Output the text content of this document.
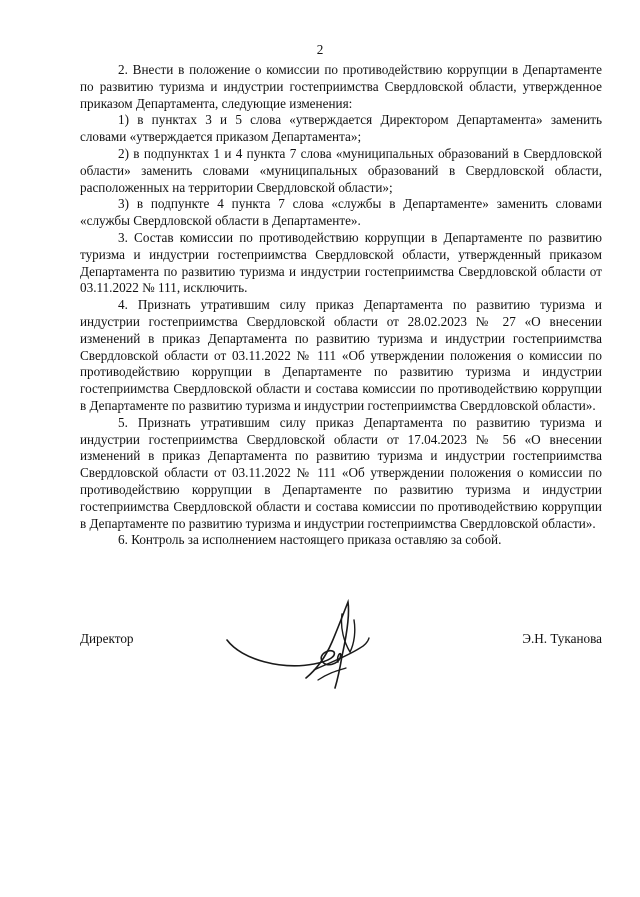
2

2. Внести в положение о комиссии по противодействию коррупции в Департаменте по развитию туризма и индустрии гостеприимства Свердловской области, утвержденное приказом Департамента, следующие изменения:

1) в пунктах 3 и 5 слова «утверждается Директором Департамента» заменить словами «утверждается приказом Департамента»;

2) в подпунктах 1 и 4 пункта 7 слова «муниципальных образований в Свердловской области» заменить словами «муниципальных образований в Свердловской области, расположенных на территории Свердловской области»;

3) в подпункте 4 пункта 7 слова «службы в Департаменте» заменить словами «службы Свердловской области в Департаменте».

3. Состав комиссии по противодействию коррупции в Департаменте по развитию туризма и индустрии гостеприимства Свердловской области, утвержденный приказом Департамента по развитию туризма и индустрии гостеприимства Свердловской области от 03.11.2022 № 111, исключить.

4. Признать утратившим силу приказ Департамента по развитию туризма и индустрии гостеприимства Свердловской области от 28.02.2023 № 27 «О внесении изменений в приказ Департамента по развитию туризма и индустрии гостеприимства Свердловской области от 03.11.2022 № 111 «Об утверждении положения о комиссии по противодействию коррупции в Департаменте по развитию туризма и индустрии гостеприимства Свердловской области и состава комиссии по противодействию коррупции в Департаменте по развитию туризма и индустрии гостеприимства Свердловской области».

5. Признать утратившим силу приказ Департамента по развитию туризма и индустрии гостеприимства Свердловской области от 17.04.2023 № 56 «О внесении изменений в приказ Департамента по развитию туризма и индустрии гостеприимства Свердловской области от 03.11.2022 № 111 «Об утверждении положения о комиссии по противодействию коррупции в Департаменте по развитию туризма и индустрии гостеприимства Свердловской области и состава комиссии по противодействию коррупции в Департаменте по развитию туризма и индустрии гостеприимства Свердловской области».

6. Контроль за исполнением настоящего приказа оставляю за собой.

Директор	Э.Н. Туканова
